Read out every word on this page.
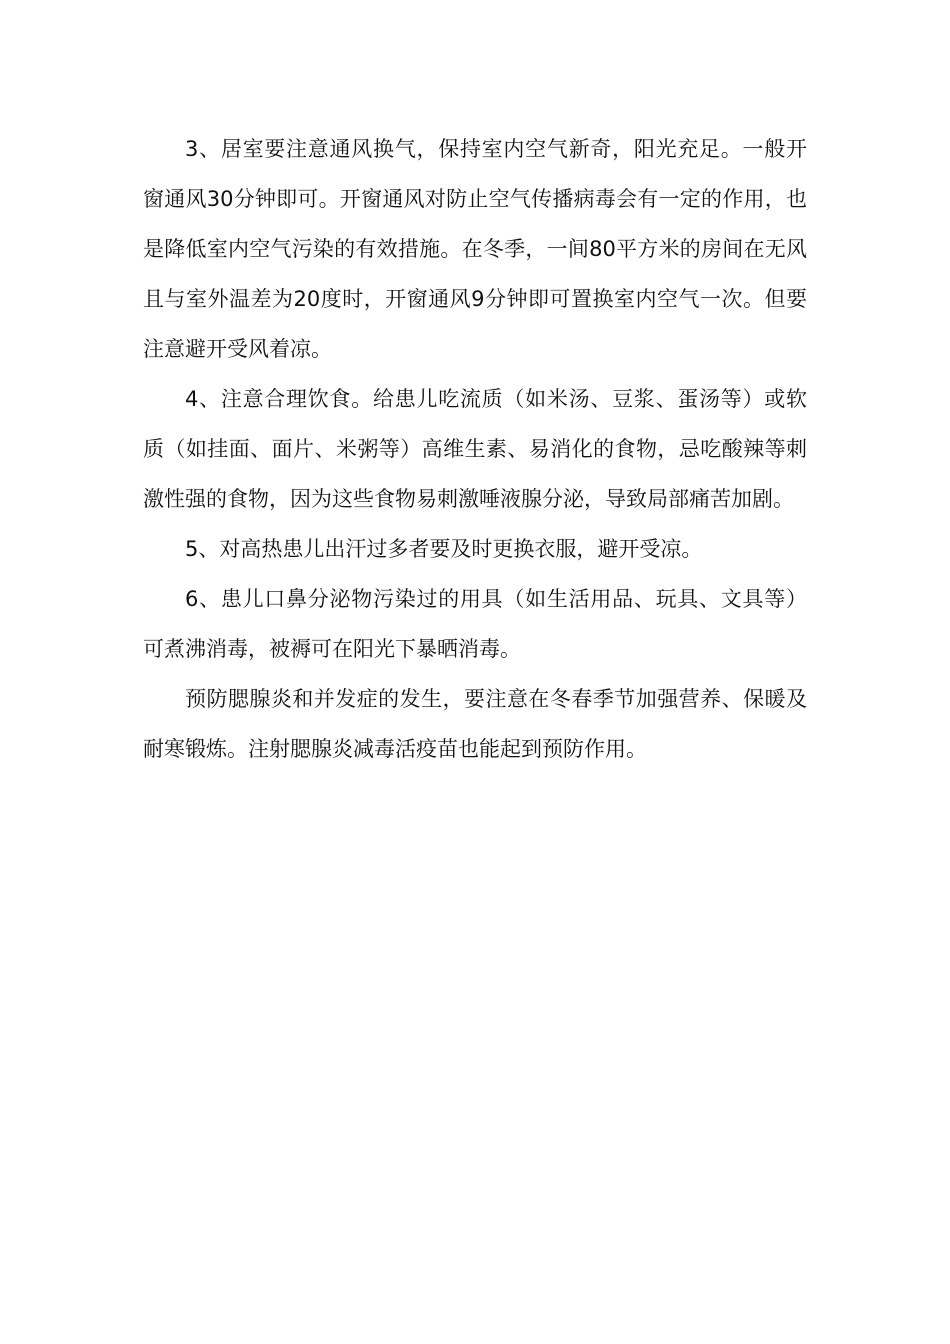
3、居室要注意通风换气，保持室内空气新奇，阳光充足。一般开窗通风30分钟即可。开窗通风对防止空气传播病毒会有一定的作用，也是降低室内空气污染的有效措施。在冬季，一间80平方米的房间在无风且与室外温差为20度时，开窗通风9分钟即可置换室内空气一次。但要注意避开受风着凉。

4、注意合理饮食。给患儿吃流质（如米汤、豆浆、蛋汤等）或软质（如挂面、面片、米粥等）高维生素、易消化的食物，忌吃酸辣等刺激性强的食物，因为这些食物易刺激唾液腺分泌，导致局部痛苦加剧。

5、对高热患儿出汗过多者要及时更换衣服，避开受凉。

6、患儿口鼻分泌物污染过的用具（如生活用品、玩具、文具等）可煮沸消毒，被褥可在阳光下暴晒消毒。

预防腮腺炎和并发症的发生，要注意在冬春季节加强营养、保暖及耐寒锻炼。注射腮腺炎减毒活疫苗也能起到预防作用。
